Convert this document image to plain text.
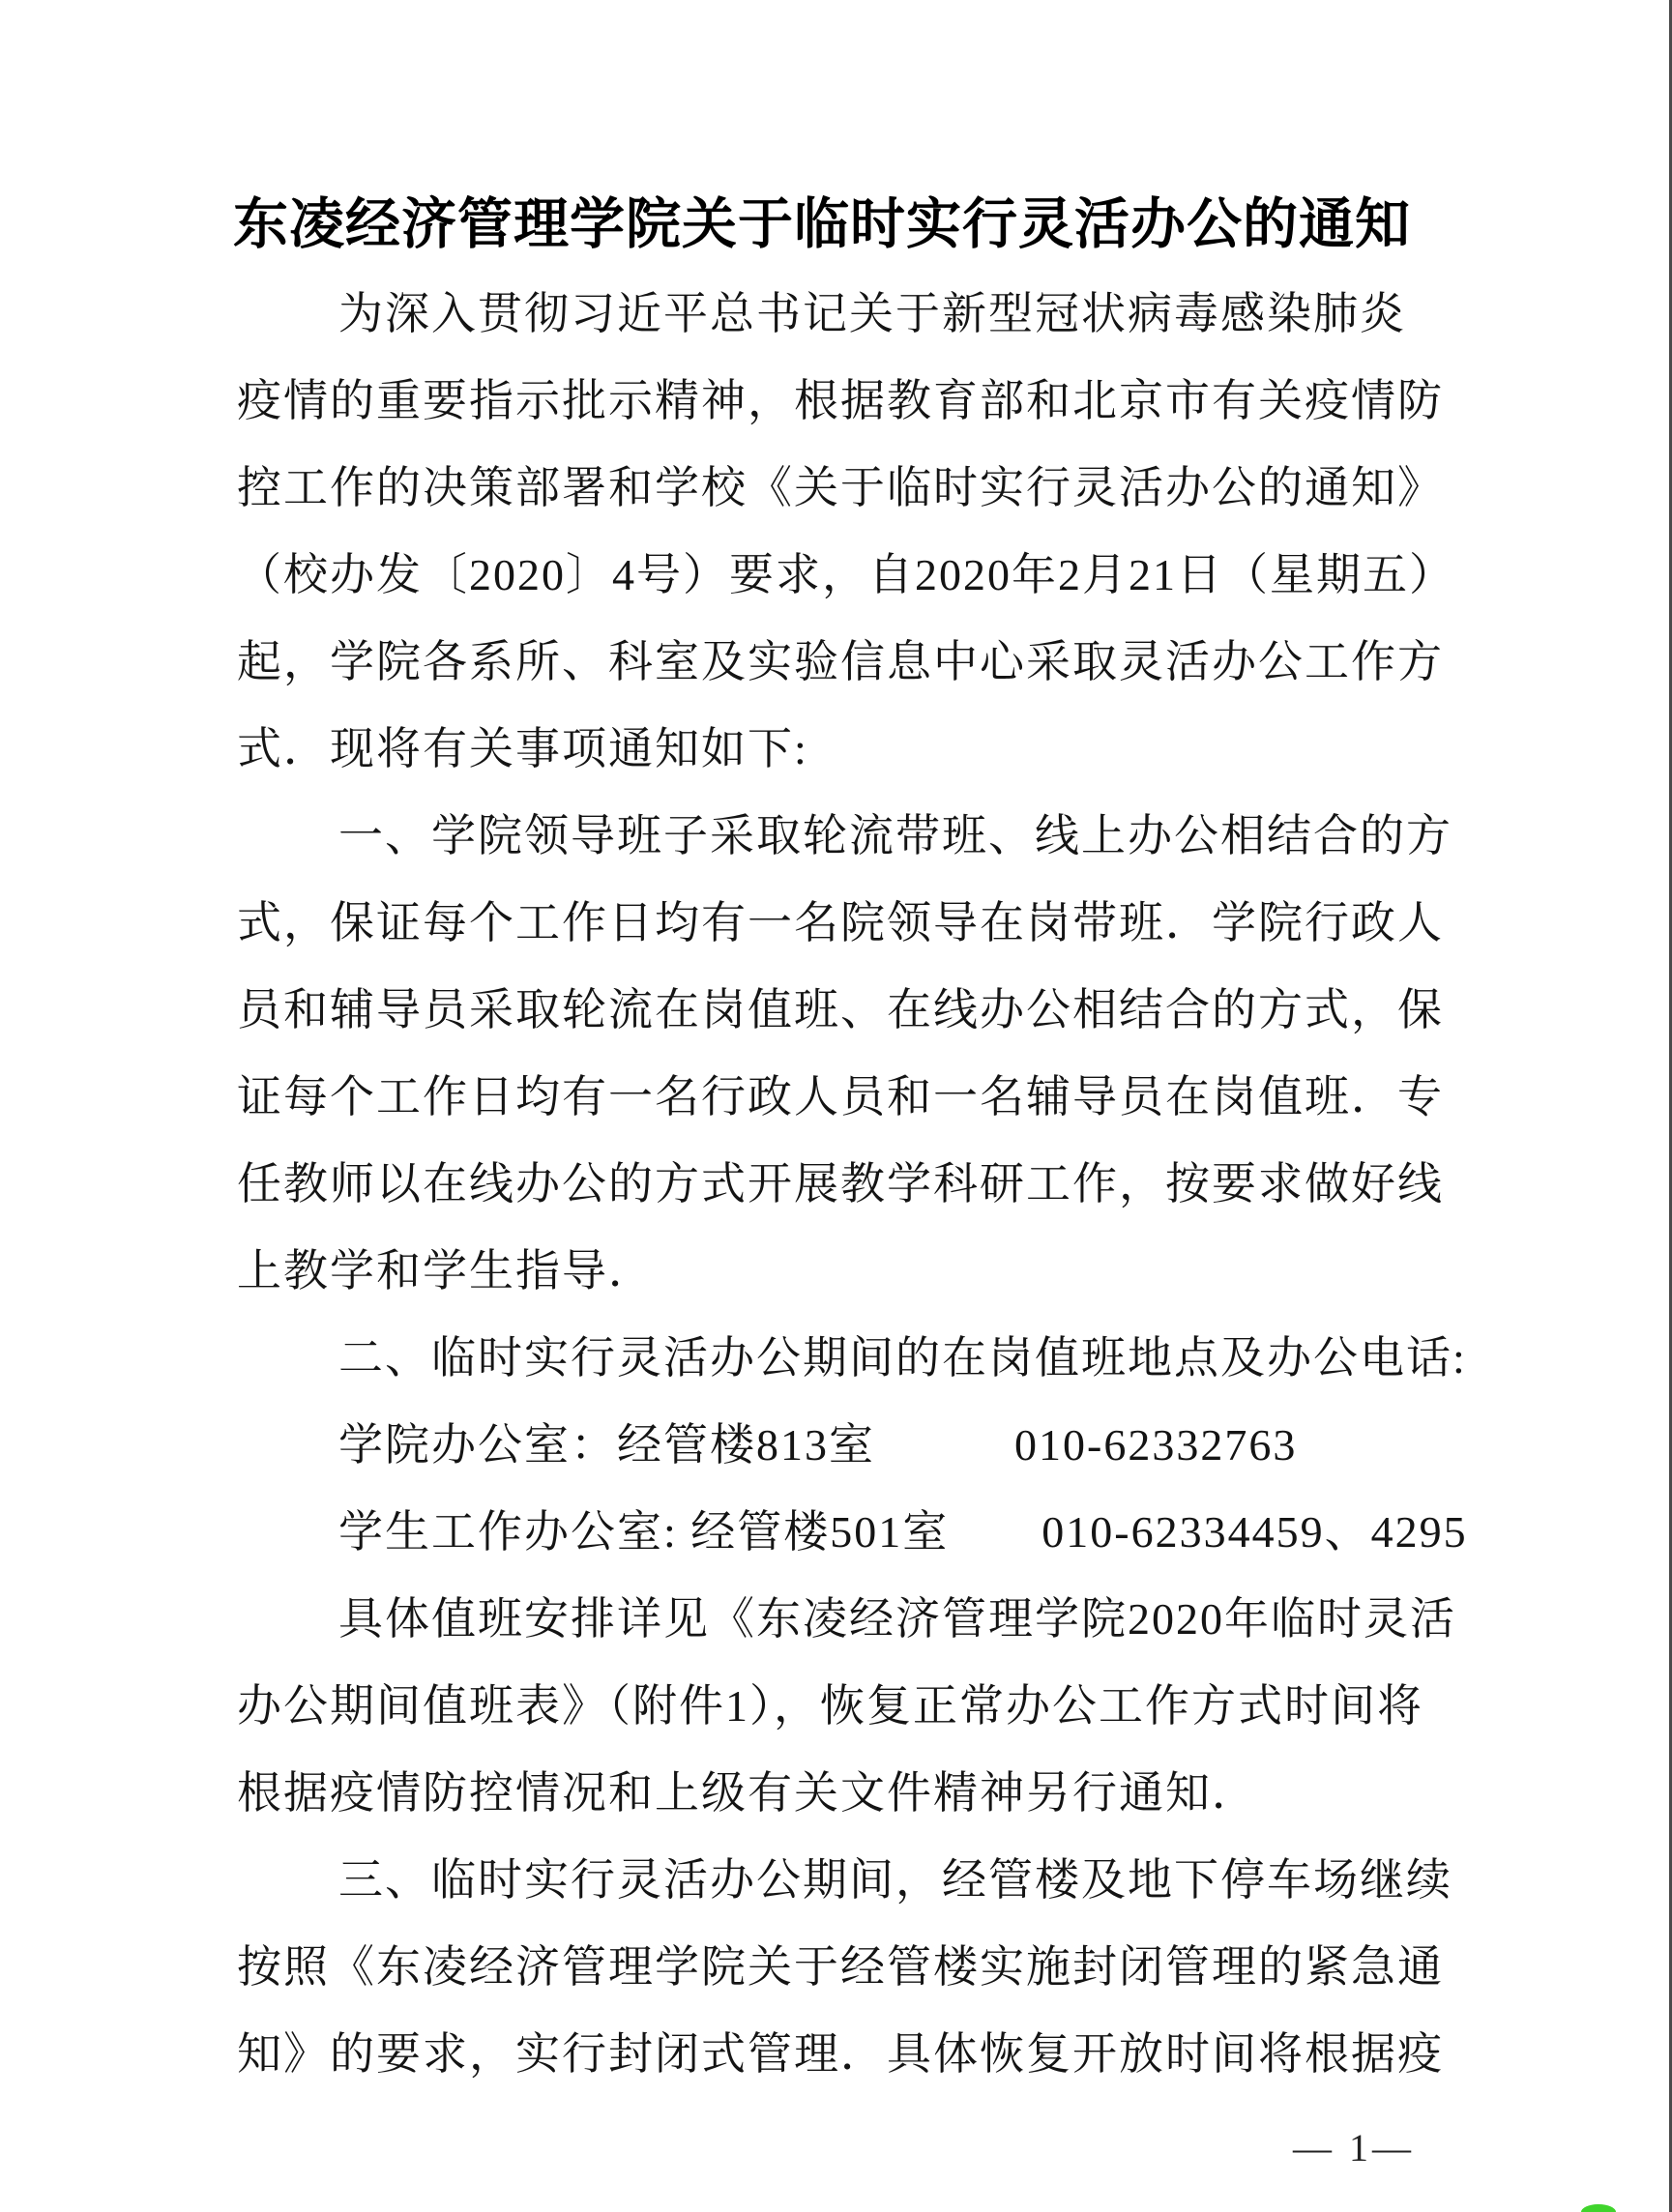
东凌经济管理学院关于临时实行灵活办公的通知
为深入贯彻习近平总书记关于新型冠状病毒感染肺炎
疫情的重要指示批示精神，根据教育部和北京市有关疫情防
控工作的决策部署和学校《关于临时实行灵活办公的通知》
（校办发〔2020〕4号）要求，自2020年2月21日（星期五）
起，学院各系所、科室及实验信息中心采取灵活办公工作方
式．现将有关事项通知如下:
一、学院领导班子采取轮流带班、线上办公相结合的方
式，保证每个工作日均有一名院领导在岗带班．学院行政人
员和辅导员采取轮流在岗值班、在线办公相结合的方式，保
证每个工作日均有一名行政人员和一名辅导员在岗值班．专
任教师以在线办公的方式开展教学科研工作，按要求做好线
上教学和学生指导．
二、临时实行灵活办公期间的在岗值班地点及办公电话:
学院办公室：经管楼813室　　　010-62332763
学生工作办公室: 经管楼501室　　010-62334459、4295
具体值班安排详见《东凌经济管理学院2020年临时灵活
办公期间值班表》（附件1），恢复正常办公工作方式时间将
根据疫情防控情况和上级有关文件精神另行通知．
三、临时实行灵活办公期间，经管楼及地下停车场继续
按照《东凌经济管理学院关于经管楼实施封闭管理的紧急通
知》的要求，实行封闭式管理．具体恢复开放时间将根据疫
— 1—
